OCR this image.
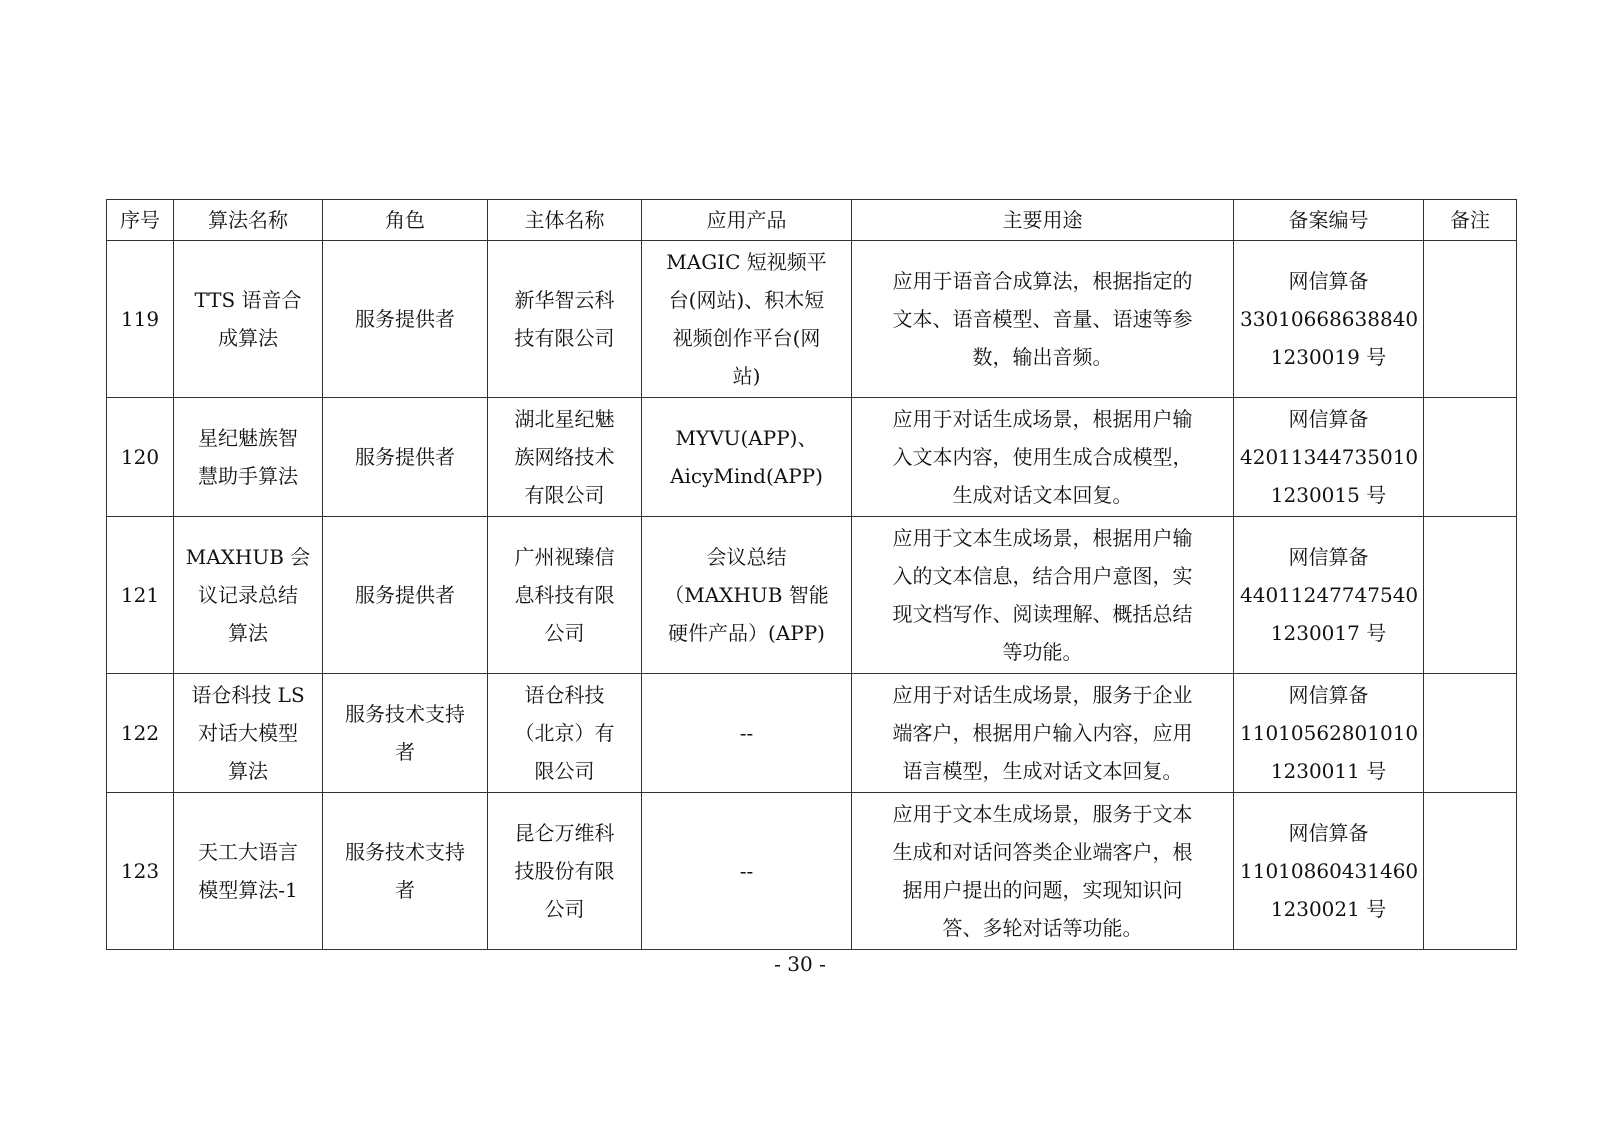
序号	算法名称	角色	主体名称	应用产品	主要用途	备案编号	备注
119	TTS 语音合
成算法	服务提供者	新华智云科
技有限公司	MAGIC 短视频平
台(网站)、积木短
视频创作平台(网
站)	应用于语音合成算法，根据指定的
文本、语音模型、音量、语速等参
数，输出音频。	网信算备
33010668638840
1230019 号	
120	星纪魅族智
慧助手算法	服务提供者	湖北星纪魅
族网络技术
有限公司	MYVU(APP)、
AicyMind(APP)	应用于对话生成场景，根据用户输
入文本内容，使用生成合成模型，
生成对话文本回复。	网信算备
42011344735010
1230015 号	
121	MAXHUB 会
议记录总结
算法	服务提供者	广州视臻信
息科技有限
公司	会议总结
（MAXHUB 智能
硬件产品）(APP)	应用于文本生成场景，根据用户输
入的文本信息，结合用户意图，实
现文档写作、阅读理解、概括总结
等功能。	网信算备
44011247747540
1230017 号	
122	语仓科技 LS
对话大模型
算法	服务技术支持
者	语仓科技
（北京）有
限公司	--	应用于对话生成场景，服务于企业
端客户，根据用户输入内容，应用
语言模型，生成对话文本回复。	网信算备
11010562801010
1230011 号	
123	天工大语言
模型算法-1	服务技术支持
者	昆仑万维科
技股份有限
公司	--	应用于文本生成场景，服务于文本
生成和对话问答类企业端客户，根
据用户提出的问题，实现知识问
答、多轮对话等功能。	网信算备
11010860431460
1230021 号	
- 30 -
